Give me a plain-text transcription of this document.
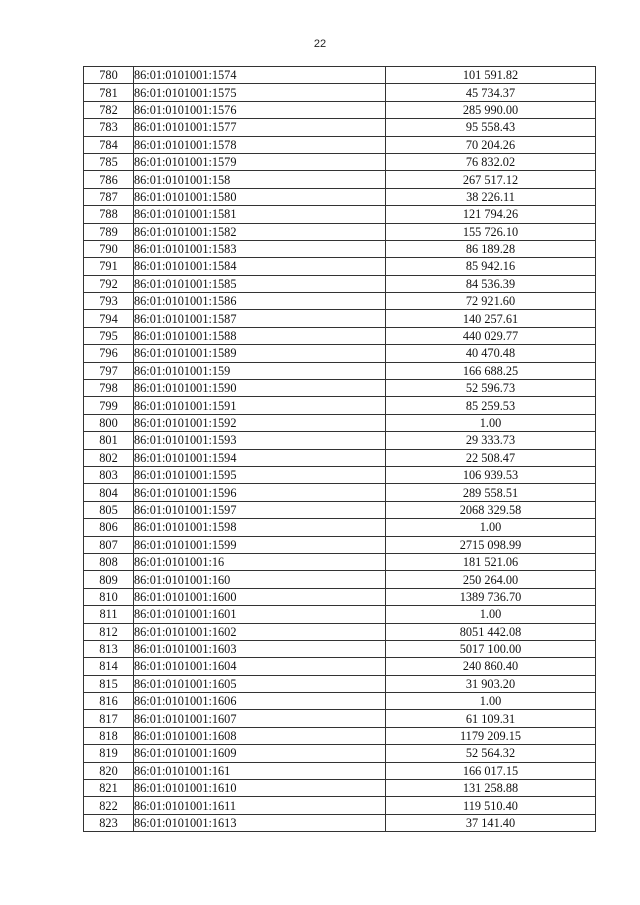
22
780	86:01:0101001:1574	101 591.82
781	86:01:0101001:1575	45 734.37
782	86:01:0101001:1576	285 990.00
783	86:01:0101001:1577	95 558.43
784	86:01:0101001:1578	70 204.26
785	86:01:0101001:1579	76 832.02
786	86:01:0101001:158	267 517.12
787	86:01:0101001:1580	38 226.11
788	86:01:0101001:1581	121 794.26
789	86:01:0101001:1582	155 726.10
790	86:01:0101001:1583	86 189.28
791	86:01:0101001:1584	85 942.16
792	86:01:0101001:1585	84 536.39
793	86:01:0101001:1586	72 921.60
794	86:01:0101001:1587	140 257.61
795	86:01:0101001:1588	440 029.77
796	86:01:0101001:1589	40 470.48
797	86:01:0101001:159	166 688.25
798	86:01:0101001:1590	52 596.73
799	86:01:0101001:1591	85 259.53
800	86:01:0101001:1592	1.00
801	86:01:0101001:1593	29 333.73
802	86:01:0101001:1594	22 508.47
803	86:01:0101001:1595	106 939.53
804	86:01:0101001:1596	289 558.51
805	86:01:0101001:1597	2068 329.58
806	86:01:0101001:1598	1.00
807	86:01:0101001:1599	2715 098.99
808	86:01:0101001:16	181 521.06
809	86:01:0101001:160	250 264.00
810	86:01:0101001:1600	1389 736.70
811	86:01:0101001:1601	1.00
812	86:01:0101001:1602	8051 442.08
813	86:01:0101001:1603	5017 100.00
814	86:01:0101001:1604	240 860.40
815	86:01:0101001:1605	31 903.20
816	86:01:0101001:1606	1.00
817	86:01:0101001:1607	61 109.31
818	86:01:0101001:1608	1179 209.15
819	86:01:0101001:1609	52 564.32
820	86:01:0101001:161	166 017.15
821	86:01:0101001:1610	131 258.88
822	86:01:0101001:1611	119 510.40
823	86:01:0101001:1613	37 141.40
